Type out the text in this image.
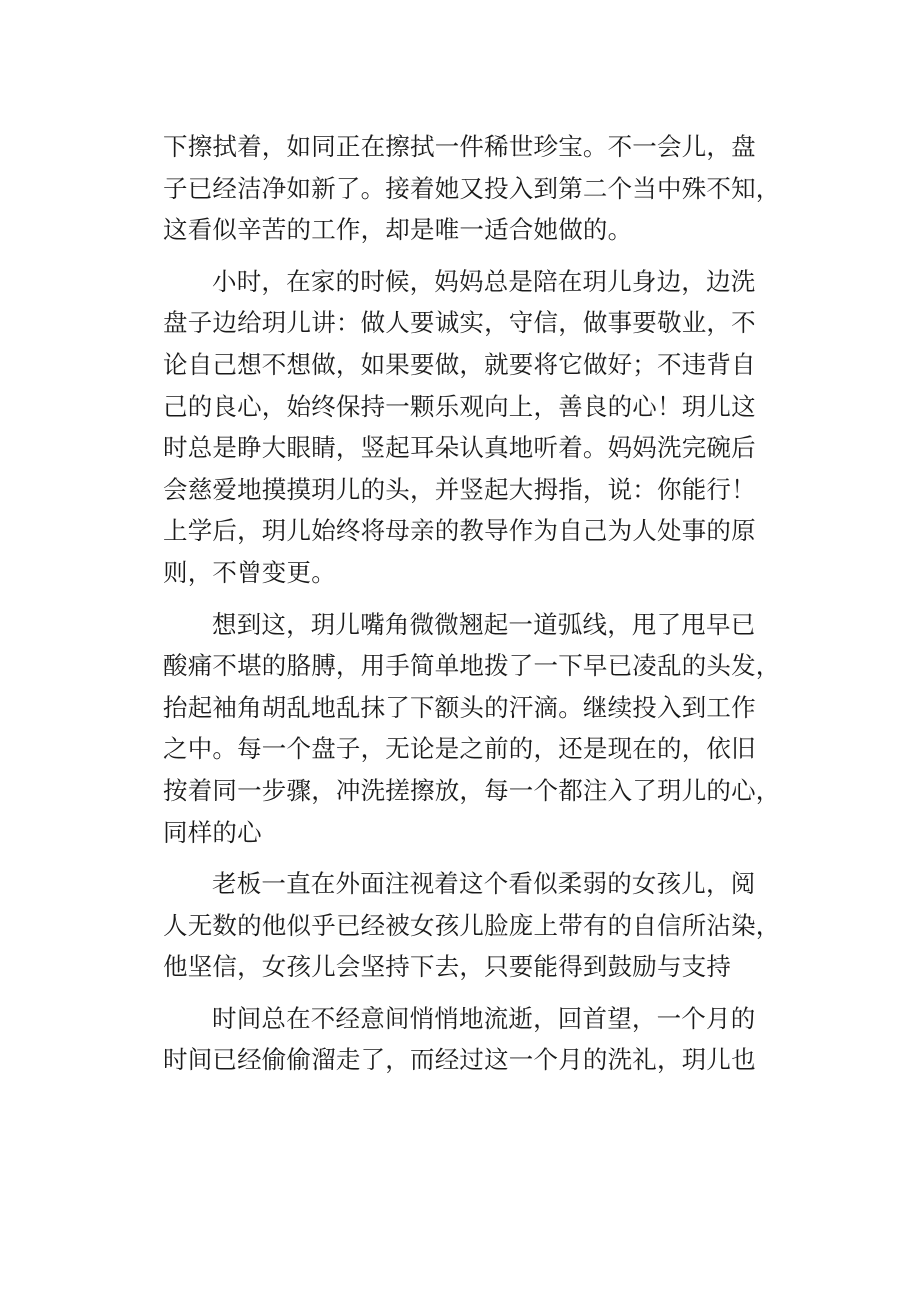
下擦拭着，如同正在擦拭一件稀世珍宝。不一会儿，盘
子已经洁净如新了。接着她又投入到第二个当中殊不知，
这看似辛苦的工作，却是唯一适合她做的。

小时，在家的时候，妈妈总是陪在玥儿身边，边洗
盘子边给玥儿讲：做人要诚实，守信，做事要敬业，不
论自己想不想做，如果要做，就要将它做好；不违背自
己的良心，始终保持一颗乐观向上，善良的心！玥儿这
时总是睁大眼睛，竖起耳朵认真地听着。妈妈洗完碗后
会慈爱地摸摸玥儿的头，并竖起大拇指，说：你能行！
上学后，玥儿始终将母亲的教导作为自己为人处事的原
则，不曾变更。

想到这，玥儿嘴角微微翘起一道弧线，甩了甩早已
酸痛不堪的胳膊，用手简单地拨了一下早已凌乱的头发，
抬起袖角胡乱地乱抹了下额头的汗滴。继续投入到工作
之中。每一个盘子，无论是之前的，还是现在的，依旧
按着同一步骤，冲洗搓擦放，每一个都注入了玥儿的心，
同样的心

老板一直在外面注视着这个看似柔弱的女孩儿，阅
人无数的他似乎已经被女孩儿脸庞上带有的自信所沾染，
他坚信，女孩儿会坚持下去，只要能得到鼓励与支持

时间总在不经意间悄悄地流逝，回首望，一个月的
时间已经偷偷溜走了，而经过这一个月的洗礼，玥儿也
